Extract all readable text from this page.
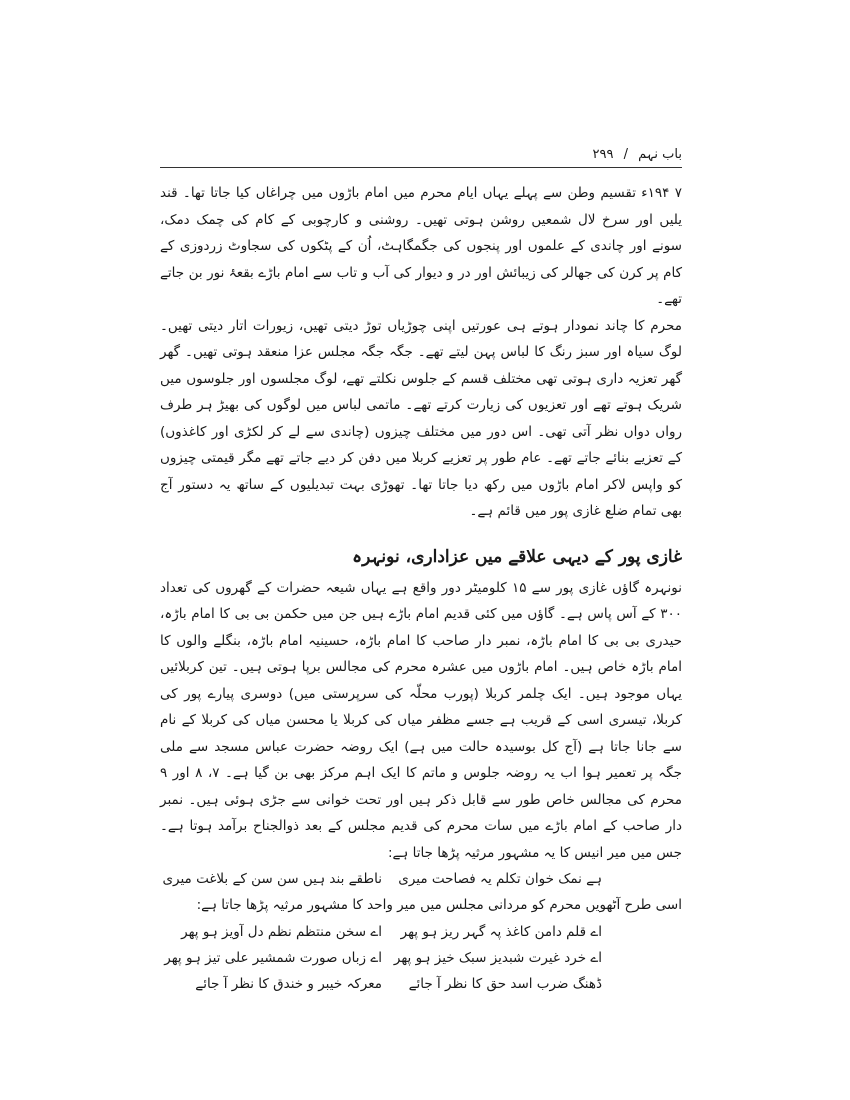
باب نہم / ۲۹۹

۷ ۱۹۴ء تقسیم وطن سے پہلے یہاں ایام محرم میں امام باڑوں میں چراغاں کیا جاتا تھا۔ قند یلیں اور سرخ لال شمعیں روشن ہوتی تھیں۔ روشنی و کارچوبی کے کام کی چمک دمک، سونے اور چاندی کے علموں اور پنجوں کی جگمگاہٹ، اُن کے پٹکوں کی سجاوٹ زردوزی کے کام پر کرن کی جھالر کی زیبائش اور در و دیوار کی آب و تاب سے امام باڑے بقعۂ نور بن جاتے تھے۔

محرم کا چاند نمودار ہوتے ہی عورتیں اپنی چوڑیاں توڑ دیتی تھیں، زیورات اتار دیتی تھیں۔ لوگ سیاہ اور سبز رنگ کا لباس پہن لیتے تھے۔ جگہ جگہ مجلس عزا منعقد ہوتی تھیں۔ گھر گھر تعزیہ داری ہوتی تھی مختلف قسم کے جلوس نکلتے تھے، لوگ مجلسوں اور جلوسوں میں شریک ہوتے تھے اور تعزیوں کی زیارت کرتے تھے۔ ماتمی لباس میں لوگوں کی بھیڑ ہر طرف رواں دواں نظر آتی تھی۔ اس دور میں مختلف چیزوں (چاندی سے لے کر لکڑی اور کاغذوں) کے تعزیے بنائے جاتے تھے۔ عام طور پر تعزیے کربلا میں دفن کر دیے جاتے تھے مگر قیمتی چیزوں کو واپس لاکر امام باڑوں میں رکھ دیا جاتا تھا۔ تھوڑی بہت تبدیلیوں کے ساتھ یہ دستور آج بھی تمام ضلع غازی پور میں قائم ہے۔

غازی پور کے دیہی علاقے میں عزاداری، نونہرہ

نونہرہ گاؤں غازی پور سے ۱۵ کلومیٹر دور واقع ہے یہاں شیعہ حضرات کے گھروں کی تعداد ۳۰۰ کے آس پاس ہے۔ گاؤں میں کئی قدیم امام باڑے ہیں جن میں حکمن بی بی کا امام باڑہ، حیدری بی بی کا امام باڑہ، نمبر دار صاحب کا امام باڑہ، حسینیہ امام باڑہ، بنگلے والوں کا امام باڑہ خاص ہیں۔ امام باڑوں میں عشرہ محرم کی مجالس برپا ہوتی ہیں۔ تین کربلائیں یہاں موجود ہیں۔ ایک چلمر کربلا (پورب محلّہ کی سرپرستی میں) دوسری پیارے پور کی کربلا، تیسری اسی کے قریب ہے جسے مظفر میاں کی کربلا یا محسن میاں کی کربلا کے نام سے جانا جاتا ہے (آج کل بوسیدہ حالت میں ہے) ایک روضہ حضرت عباس مسجد سے ملی جگہ پر تعمیر ہوا اب یہ روضہ جلوس و ماتم کا ایک اہم مرکز بھی بن گیا ہے۔ ۷، ۸ اور ۹ محرم کی مجالس خاص طور سے قابل ذکر ہیں اور تحت خوانی سے جڑی ہوئی ہیں۔ نمبر دار صاحب کے امام باڑے میں سات محرم کی قدیم مجلس کے بعد ذوالجناح برآمد ہوتا ہے۔ جس میں میر انیس کا یہ مشہور مرثیہ پڑھا جاتا ہے:

ہے نمک خوان تکلم یہ فصاحت میری
ناطقے بند ہیں سن سن کے بلاغت میری

اسی طرح آٹھویں محرم کو مردانی مجلس میں میر واحد کا مشہور مرثیہ پڑھا جاتا ہے:

اے قلم دامن کاغذ پہ گہر ریز ہو پھر
اے سخن منتظم نظم دل آویز ہو پھر
اے خرد غیرت شبدیز سبک خیز ہو پھر
اے زباں صورت شمشیر علی تیز ہو پھر
ڈھنگ ضرب اسد حق کا نظر آ جائے
معرکہ خیبر و خندق کا نظر آ جائے
